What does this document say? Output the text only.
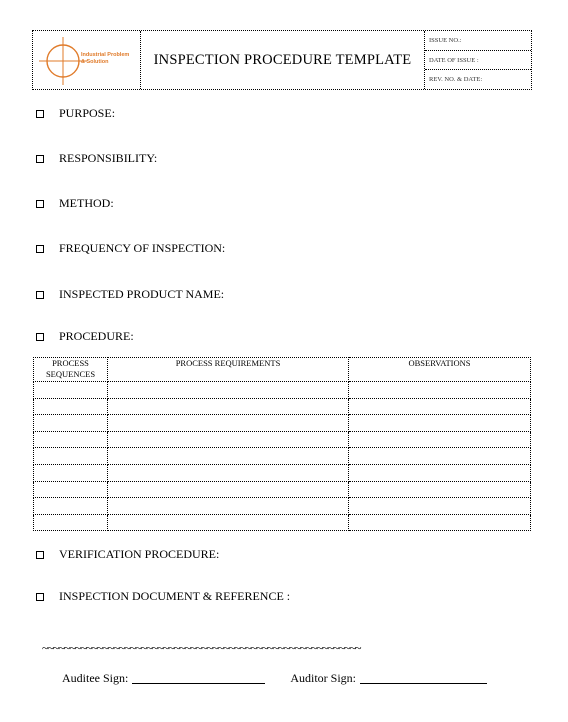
Industrial Problem
& Solution	INSPECTION PROCEDURE TEMPLATE
ISSUE NO.:
DATE OF ISSUE :
REV. NO. & DATE:
PURPOSE:
RESPONSIBILITY:
METHOD:
FREQUENCY OF INSPECTION:
INSPECTED PRODUCT NAME:
PROCEDURE:
PROCESS
SEQUENCES	PROCESS REQUIREMENTS	OBSERVATIONS

VERIFICATION PROCEDURE:
INSPECTION DOCUMENT & REFERENCE :
~~~~~~~~~~~~~~~~~~~~~~~~~~~~~~~~~~~~~~~~~~~~~~~~~~~~~~~~~~
Auditee Sign:	Auditor Sign:
